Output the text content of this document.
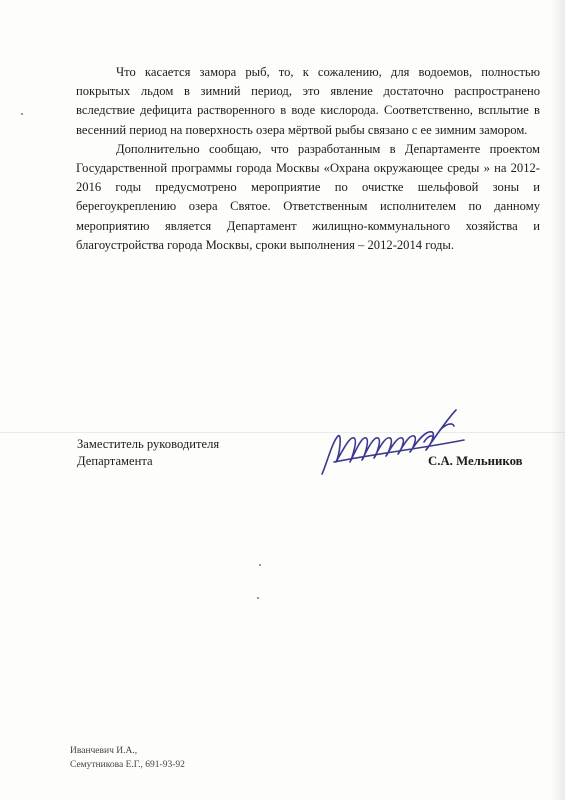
Что касается замора рыб, то, к сожалению, для водоемов, полностью покрытых льдом в зимний период, это явление достаточно распространено вследствие дефицита растворенного в воде кислорода. Соответственно, всплытие в весенний период на поверхность озера мёртвой рыбы связано с ее зимним замором.

Дополнительно сообщаю, что разработанным в Департаменте проектом Государственной программы города Москвы «Охрана окружающее среды » на 2012-2016 годы предусмотрено мероприятие по очистке шельфовой зоны и берегоукреплению озера Святое. Ответственным исполнителем по данному мероприятию является Департамент жилищно-коммунального хозяйства и благоустройства города Москвы, сроки выполнения – 2012-2014 годы.

Заместитель руководителя
Департамента	С.А. Мельников
Иванчевич И.А.,
Семутникова Е.Г., 691-93-92
